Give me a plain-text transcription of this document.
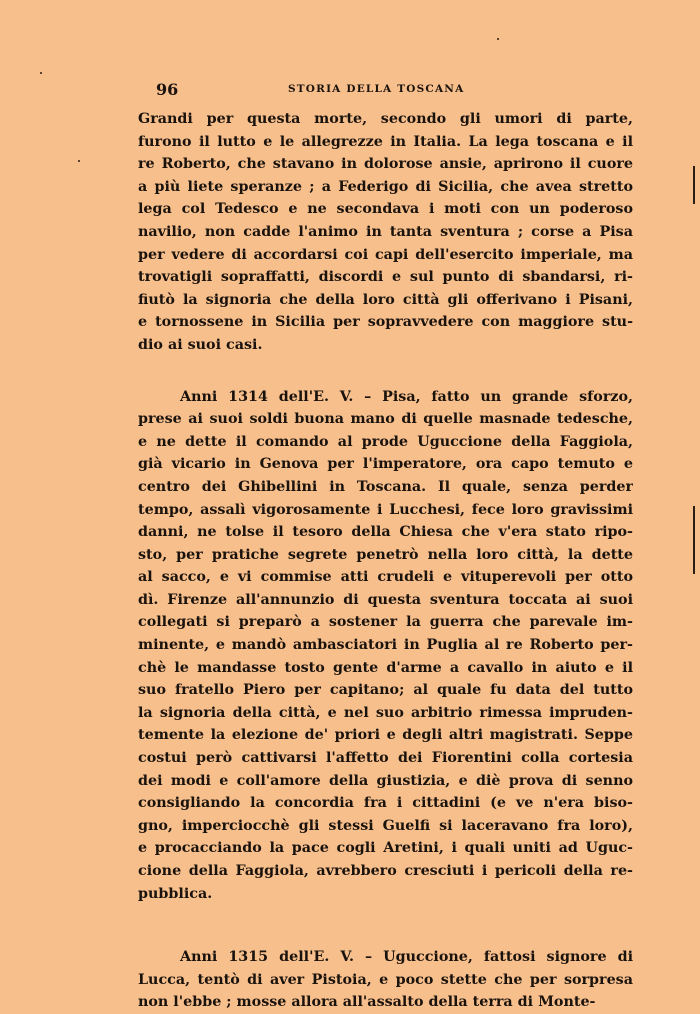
96	STORIA DELLA TOSCANA
Grandi per questa morte, secondo gli umori di parte,
furono il lutto e le allegrezze in Italia. La lega toscana e il
re Roberto, che stavano in dolorose ansie, aprirono il cuore
a più liete speranze ; a Federigo di Sicilia, che avea stretto
lega col Tedesco e ne secondava i moti con un poderoso
navilio, non cadde l'animo in tanta sventura ; corse a Pisa
per vedere di accordarsi coi capi dell'esercito imperiale, ma
trovatigli sopraffatti, discordi e sul punto di sbandarsi, ri-
fiutò la signoria che della loro città gli offerivano i Pisani,
e tornossene in Sicilia per sopravvedere con maggiore stu-
dio ai suoi casi.
Anni 1314 dell'E. V. – Pisa, fatto un grande sforzo,
prese ai suoi soldi buona mano di quelle masnade tedesche,
e ne dette il comando al prode Uguccione della Faggiola,
già vicario in Genova per l'imperatore, ora capo temuto e
centro dei Ghibellini in Toscana. Il quale, senza perder
tempo, assalì vigorosamente i Lucchesi, fece loro gravissimi
danni, ne tolse il tesoro della Chiesa che v'era stato ripo-
sto, per pratiche segrete penetrò nella loro città, la dette
al sacco, e vi commise atti crudeli e vituperevoli per otto
dì. Firenze all'annunzio di questa sventura toccata ai suoi
collegati si preparò a sostener la guerra che parevale im-
minente, e mandò ambasciatori in Puglia al re Roberto per-
chè le mandasse tosto gente d'arme a cavallo in aiuto e il
suo fratello Piero per capitano; al quale fu data del tutto
la signoria della città, e nel suo arbitrio rimessa impruden-
temente la elezione de' priori e degli altri magistrati. Seppe
costui però cattivarsi l'affetto dei Fiorentini colla cortesia
dei modi e coll'amore della giustizia, e diè prova di senno
consigliando la concordia fra i cittadini (e ve n'era biso-
gno, imperciocchè gli stessi Guelfi si laceravano fra loro),
e procacciando la pace cogli Aretini, i quali uniti ad Uguc-
cione della Faggiola, avrebbero cresciuti i pericoli della re-
pubblica.
Anni 1315 dell'E. V. – Uguccione, fattosi signore di
Lucca, tentò di aver Pistoia, e poco stette che per sorpresa
non l'ebbe ; mosse allora all'assalto della terra di Monte-
